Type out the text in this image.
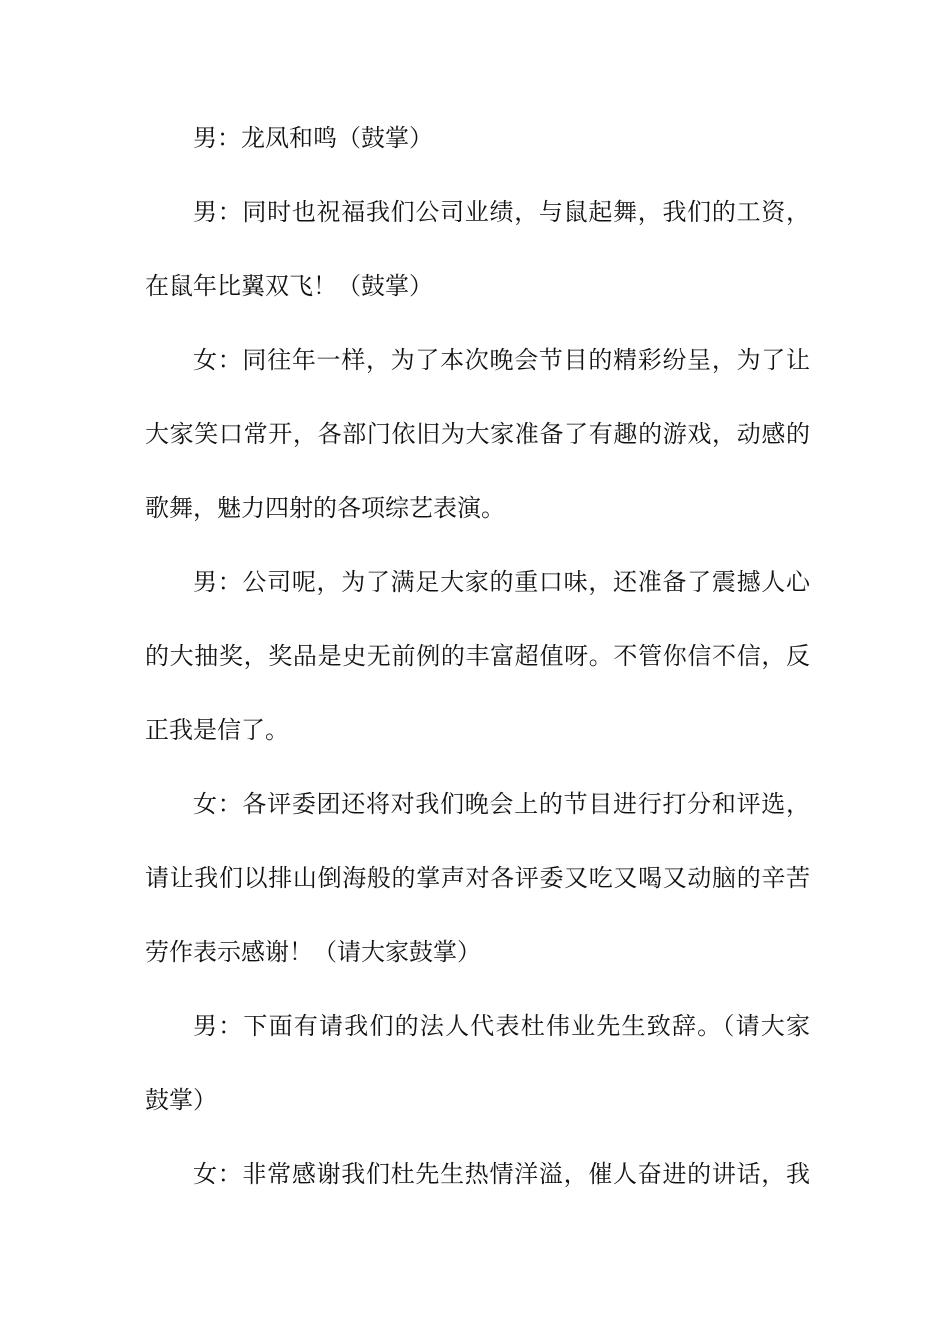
男：龙凤和鸣（鼓掌）
男：同时也祝福我们公司业绩，与鼠起舞，我们的工资，
在鼠年比翼双飞！（鼓掌）
女：同往年一样，为了本次晚会节目的精彩纷呈，为了让
大家笑口常开，各部门依旧为大家准备了有趣的游戏，动感的
歌舞，魅力四射的各项综艺表演。
男：公司呢，为了满足大家的重口味，还准备了震撼人心
的大抽奖，奖品是史无前例的丰富超值呀。不管你信不信，反
正我是信了。
女：各评委团还将对我们晚会上的节目进行打分和评选，
请让我们以排山倒海般的掌声对各评委又吃又喝又动脑的辛苦
劳作表示感谢！（请大家鼓掌）
男：下面有请我们的法人代表杜伟业先生致辞。（请大家
鼓掌）
女：非常感谢我们杜先生热情洋溢，催人奋进的讲话，我
